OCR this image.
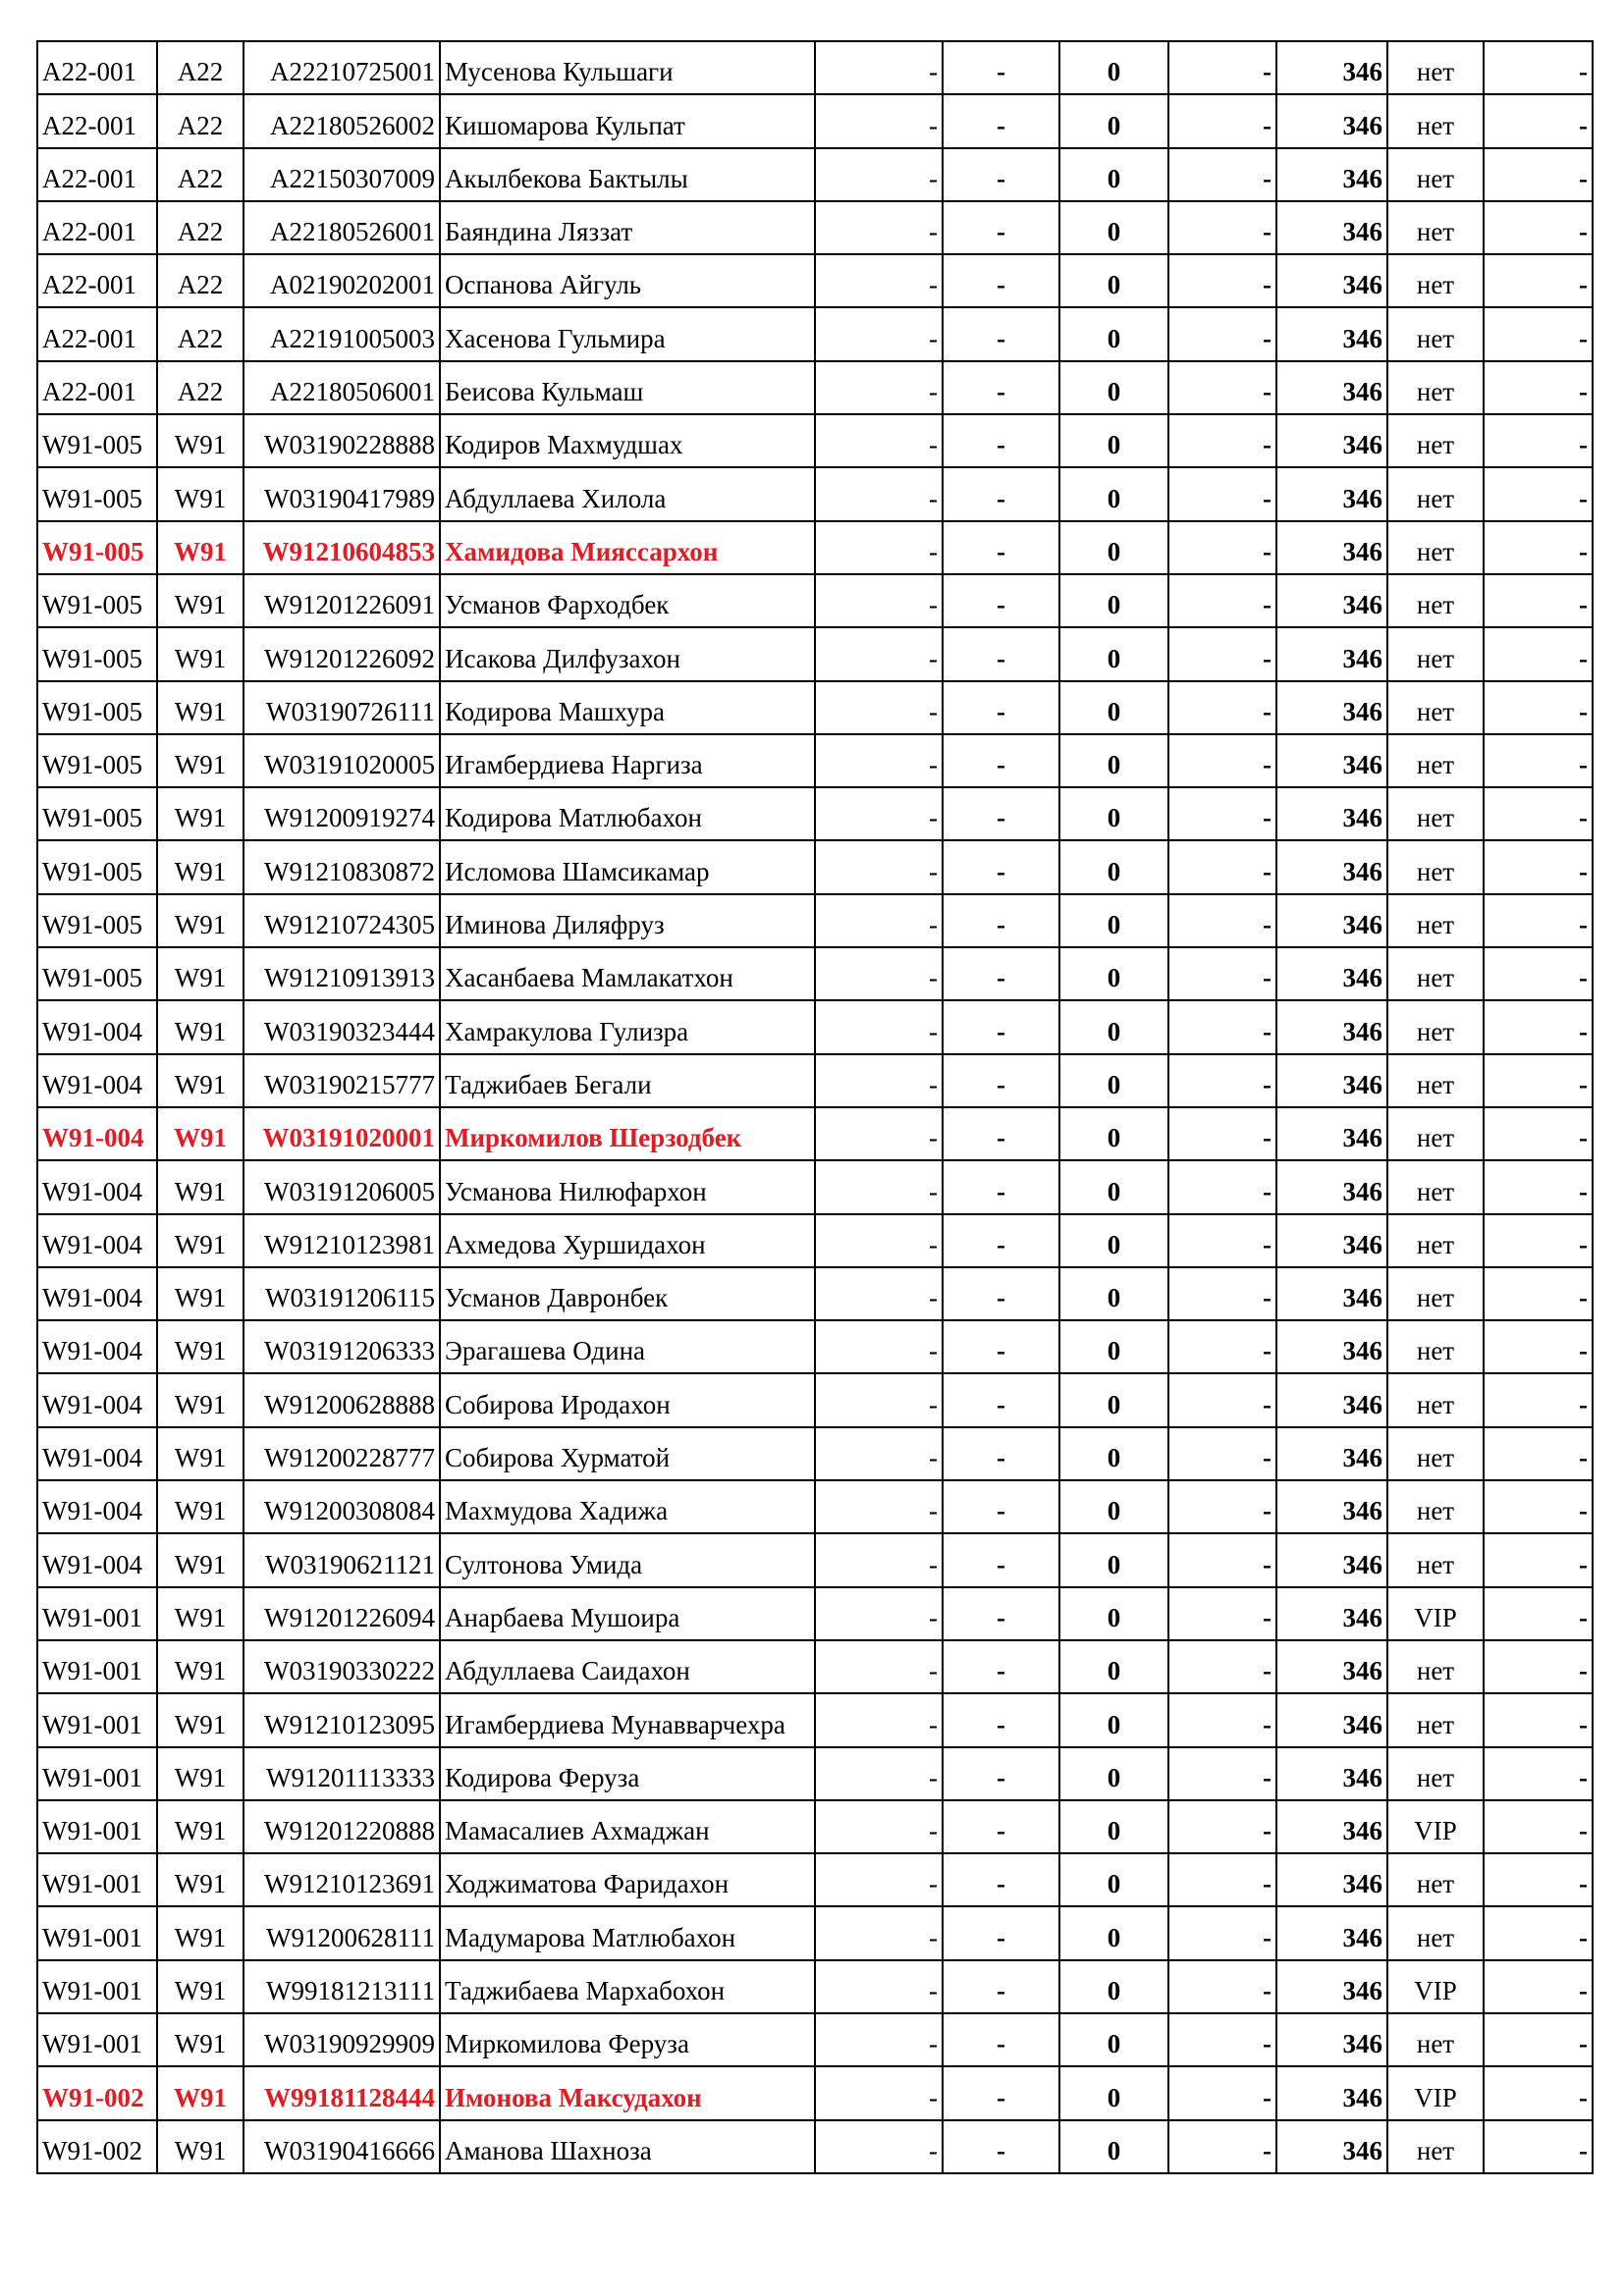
A22-001	A22	A22210725001	Мусенова Кульшаги	-	-	0	-	346	нет	-
A22-001	A22	A22180526002	Кишомарова Кульпат	-	-	0	-	346	нет	-
A22-001	A22	A22150307009	Акылбекова Бактылы	-	-	0	-	346	нет	-
A22-001	A22	A22180526001	Баяндина Ляззат	-	-	0	-	346	нет	-
A22-001	A22	A02190202001	Оспанова Айгуль	-	-	0	-	346	нет	-
A22-001	A22	A22191005003	Хасенова Гульмира	-	-	0	-	346	нет	-
A22-001	A22	A22180506001	Беисова Кульмаш	-	-	0	-	346	нет	-
W91-005	W91	W03190228888	Кодиров Махмудшах	-	-	0	-	346	нет	-
W91-005	W91	W03190417989	Абдуллаева Хилола	-	-	0	-	346	нет	-
W91-005	W91	W91210604853	Хамидова Мияссархон	-	-	0	-	346	нет	-
W91-005	W91	W91201226091	Усманов Фарходбек	-	-	0	-	346	нет	-
W91-005	W91	W91201226092	Исакова Дилфузахон	-	-	0	-	346	нет	-
W91-005	W91	W03190726111	Кодирова Машхура	-	-	0	-	346	нет	-
W91-005	W91	W03191020005	Игамбердиева Наргиза	-	-	0	-	346	нет	-
W91-005	W91	W91200919274	Кодирова Матлюбахон	-	-	0	-	346	нет	-
W91-005	W91	W91210830872	Исломова Шамсикамар	-	-	0	-	346	нет	-
W91-005	W91	W91210724305	Иминова Диляфруз	-	-	0	-	346	нет	-
W91-005	W91	W91210913913	Хасанбаева Мамлакатхон	-	-	0	-	346	нет	-
W91-004	W91	W03190323444	Хамракулова Гулизра	-	-	0	-	346	нет	-
W91-004	W91	W03190215777	Таджибаев Бегали	-	-	0	-	346	нет	-
W91-004	W91	W03191020001	Миркомилов Шерзодбек	-	-	0	-	346	нет	-
W91-004	W91	W03191206005	Усманова Нилюфархон	-	-	0	-	346	нет	-
W91-004	W91	W91210123981	Ахмедова Хуршидахон	-	-	0	-	346	нет	-
W91-004	W91	W03191206115	Усманов Давронбек	-	-	0	-	346	нет	-
W91-004	W91	W03191206333	Эрагашева Одина	-	-	0	-	346	нет	-
W91-004	W91	W91200628888	Собирова Иродахон	-	-	0	-	346	нет	-
W91-004	W91	W91200228777	Собирова Хурматой	-	-	0	-	346	нет	-
W91-004	W91	W91200308084	Махмудова Хадижа	-	-	0	-	346	нет	-
W91-004	W91	W03190621121	Султонова Умида	-	-	0	-	346	нет	-
W91-001	W91	W91201226094	Анарбаева Мушоира	-	-	0	-	346	VIP	-
W91-001	W91	W03190330222	Абдуллаева Саидахон	-	-	0	-	346	нет	-
W91-001	W91	W91210123095	Игамбердиева Мунавварчехра	-	-	0	-	346	нет	-
W91-001	W91	W91201113333	Кодирова Феруза	-	-	0	-	346	нет	-
W91-001	W91	W91201220888	Мамасалиев Ахмаджан	-	-	0	-	346	VIP	-
W91-001	W91	W91210123691	Ходжиматова Фаридахон	-	-	0	-	346	нет	-
W91-001	W91	W91200628111	Мадумарова Матлюбахон	-	-	0	-	346	нет	-
W91-001	W91	W99181213111	Таджибаева Мархабохон	-	-	0	-	346	VIP	-
W91-001	W91	W03190929909	Миркомилова Феруза	-	-	0	-	346	нет	-
W91-002	W91	W99181128444	Имонова Максудахон	-	-	0	-	346	VIP	-
W91-002	W91	W03190416666	Аманова Шахноза	-	-	0	-	346	нет	-
